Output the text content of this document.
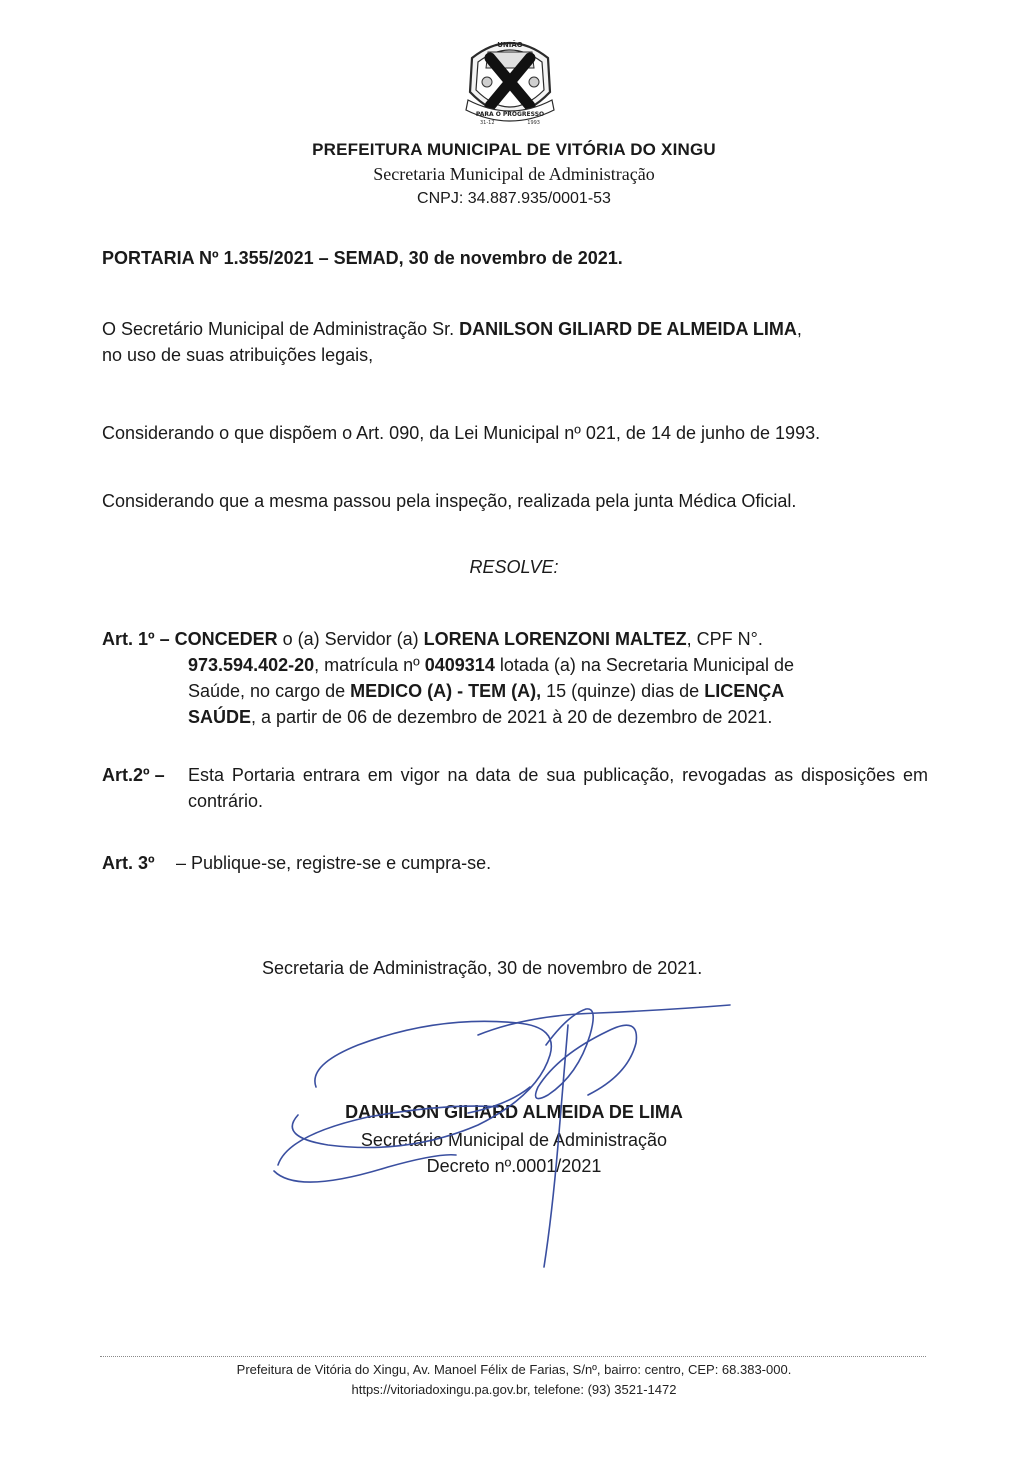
UNIÃO
PARA O PROGRESSO
31-12	1993
PREFEITURA MUNICIPAL DE VITÓRIA DO XINGU
Secretaria Municipal de Administração
CNPJ: 34.887.935/0001-53
PORTARIA Nº 1.355/2021 – SEMAD, 30 de novembro de 2021.
O Secretário Municipal de Administração Sr. DANILSON GILIARD DE ALMEIDA LIMA,
no uso de suas atribuições legais,
Considerando o que dispõem o Art. 090, da Lei Municipal nº 021, de 14 de junho de 1993.
Considerando que a mesma passou pela inspeção, realizada pela junta Médica Oficial.
RESOLVE:
Art. 1º – CONCEDER o (a) Servidor (a) LORENA LORENZONI MALTEZ, CPF N°.
973.594.402-20, matrícula nº 0409314 lotada (a) na Secretaria Municipal de
Saúde, no cargo de MEDICO (A) - TEM (A), 15 (quinze) dias de LICENÇA
SAÚDE, a partir de 06 de dezembro de 2021 à 20 de dezembro de 2021.
Art.2º – Esta Portaria entrara em vigor na data de sua publicação, revogadas as disposições em contrário.
Art. 3º – Publique-se, registre-se e cumpra-se.
Secretaria de Administração, 30 de novembro de 2021.
DANILSON GILIARD ALMEIDA DE LIMA
Secretário Municipal de Administração
Decreto nº.0001/2021
Prefeitura de Vitória do Xingu, Av. Manoel Félix de Farias, S/nº, bairro: centro, CEP: 68.383-000.
https://vitoriadoxingu.pa.gov.br, telefone: (93) 3521-1472
